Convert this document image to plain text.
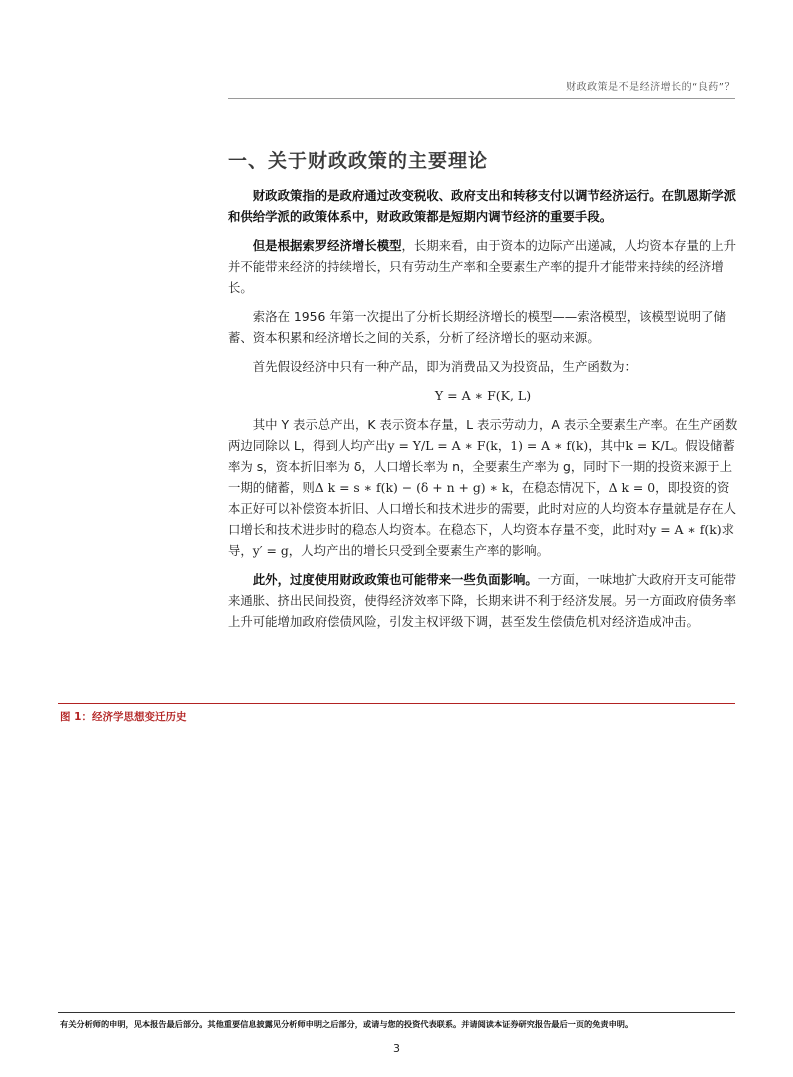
财政政策是不是经济增长的“良药”？
一、关于财政政策的主要理论

财政政策指的是政府通过改变税收、政府支出和转移支付以调节经济运行。在凯恩斯学派和供给学派的政策体系中，财政政策都是短期内调节经济的重要手段。

但是根据索罗经济增长模型，长期来看，由于资本的边际产出递减，人均资本存量的上升并不能带来经济的持续增长，只有劳动生产率和全要素生产率的提升才能带来持续的经济增长。

索洛在 1956 年第一次提出了分析长期经济增长的模型——索洛模型，该模型说明了储蓄、资本积累和经济增长之间的关系，分析了经济增长的驱动来源。

首先假设经济中只有一种产品，即为消费品又为投资品，生产函数为：

Y = A ∗ F(K, L)

其中 Y 表示总产出，K 表示资本存量，L 表示劳动力，A 表示全要素生产率。在生产函数两边同除以 L，得到人均产出y = Y/L = A ∗ F(k，1) = A ∗ f(k)，其中k = K/L。假设储蓄率为 s，资本折旧率为 δ，人口增长率为 n，全要素生产率为 g，同时下一期的投资来源于上一期的储蓄，则Δ k = s ∗ f(k) − (δ + n + g) ∗ k，在稳态情况下，Δ k = 0，即投资的资本正好可以补偿资本折旧、人口增长和技术进步的需要，此时对应的人均资本存量就是存在人口增长和技术进步时的稳态人均资本。在稳态下，人均资本存量不变，此时对y = A ∗ f(k)求导，y′ = g，人均产出的增长只受到全要素生产率的影响。

此外，过度使用财政政策也可能带来一些负面影响。一方面，一味地扩大政府开支可能带来通胀、挤出民间投资，使得经济效率下降，长期来讲不利于经济发展。另一方面政府债务率上升可能增加政府偿债风险，引发主权评级下调，甚至发生偿债危机对经济造成冲击。

图 1：经济学思想变迁历史
有关分析师的申明，见本报告最后部分。其他重要信息披露见分析师申明之后部分，或请与您的投资代表联系。并请阅读本证券研究报告最后一页的免责申明。
3
